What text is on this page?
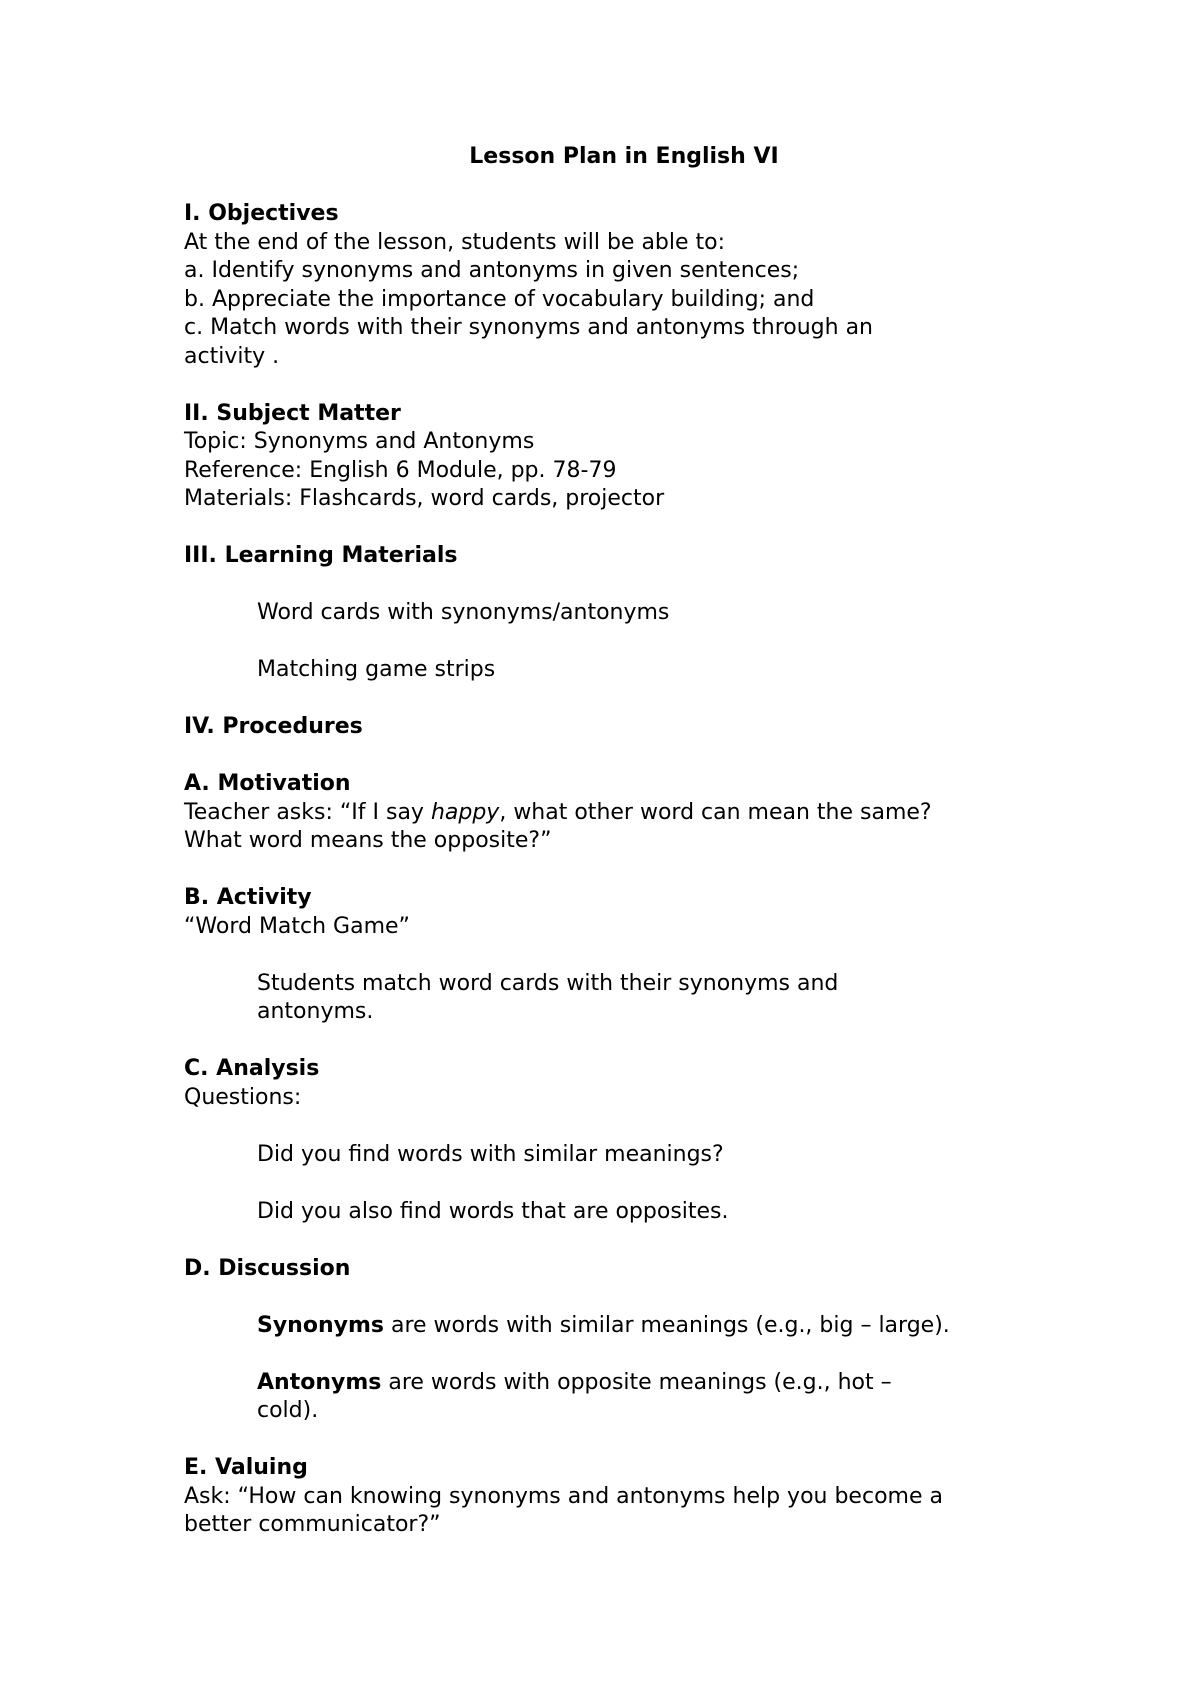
Lesson Plan in English VI

I. Objectives

At the end of the lesson, students will be able to:

a. Identify synonyms and antonyms in given sentences;

b. Appreciate the importance of vocabulary building; and

c. Match words with their synonyms and antonyms through an activity .

II. Subject Matter

Topic: Synonyms and Antonyms

Reference: English 6 Module, pp. 78-79

Materials: Flashcards, word cards, projector

III. Learning Materials

Word cards with synonyms/antonyms

Matching game strips

IV. Procedures

A. Motivation

Teacher asks: “If I say happy, what other word can mean the same? What word means the opposite?”

B. Activity

“Word Match Game”

Students match word cards with their synonyms and antonyms.

C. Analysis

Questions:

Did you find words with similar meanings?

Did you also find words that are opposites.

D. Discussion

Synonyms are words with similar meanings (e.g., big – large).

Antonyms are words with opposite meanings (e.g., hot – cold).

E. Valuing

Ask: “How can knowing synonyms and antonyms help you become a better communicator?”
